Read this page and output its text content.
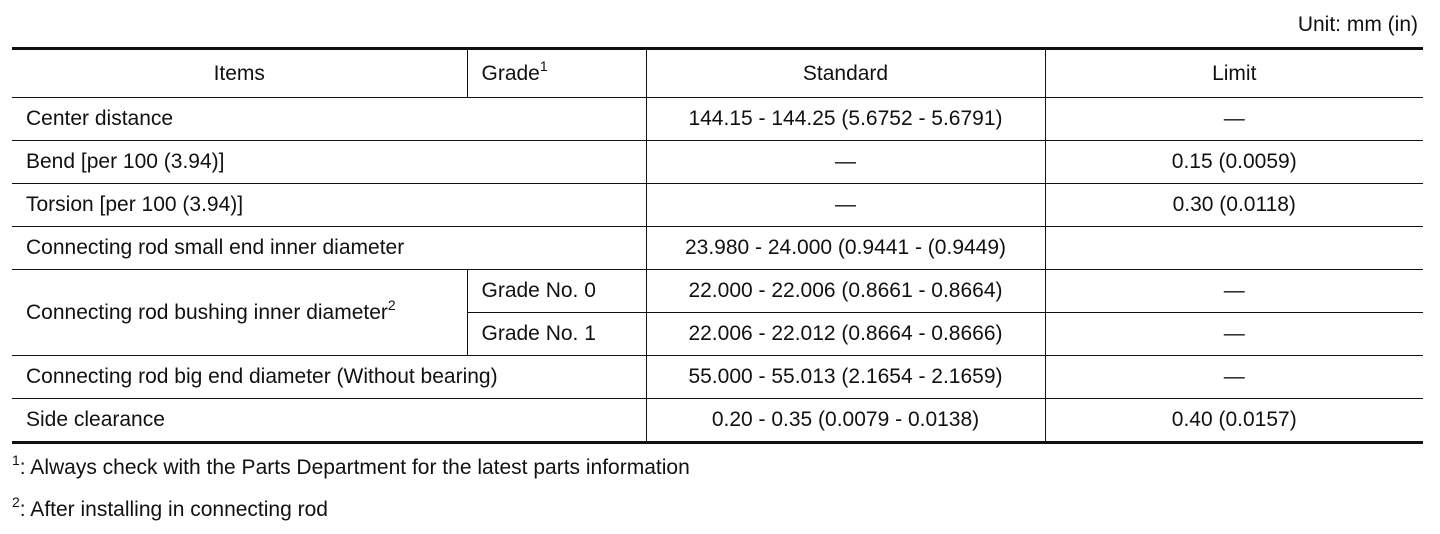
Unit: mm (in)
Items	Grade$^1$	Standard	Limit
Center distance		144.15 - 144.25 (5.6752 - 5.6791)	—
Bend [per 100 (3.94)]		—	0.15 (0.0059)
Torsion [per 100 (3.94)]		—	0.30 (0.0118)
Connecting rod small end inner diameter		23.980 - 24.000 (0.9441 - (0.9449)	
Connecting rod bushing inner diameter$^2$	Grade No. 0	22.000 - 22.006 (0.8661 - 0.8664)	—
	Grade No. 1	22.006 - 22.012 (0.8664 - 0.8666)	—
Connecting rod big end diameter (Without bearing)		55.000 - 55.013 (2.1654 - 2.1659)	—
Side clearance		0.20 - 0.35 (0.0079 - 0.0138)	0.40 (0.0157)
$^1$: Always check with the Parts Department for the latest parts information
$^2$: After installing in connecting rod
